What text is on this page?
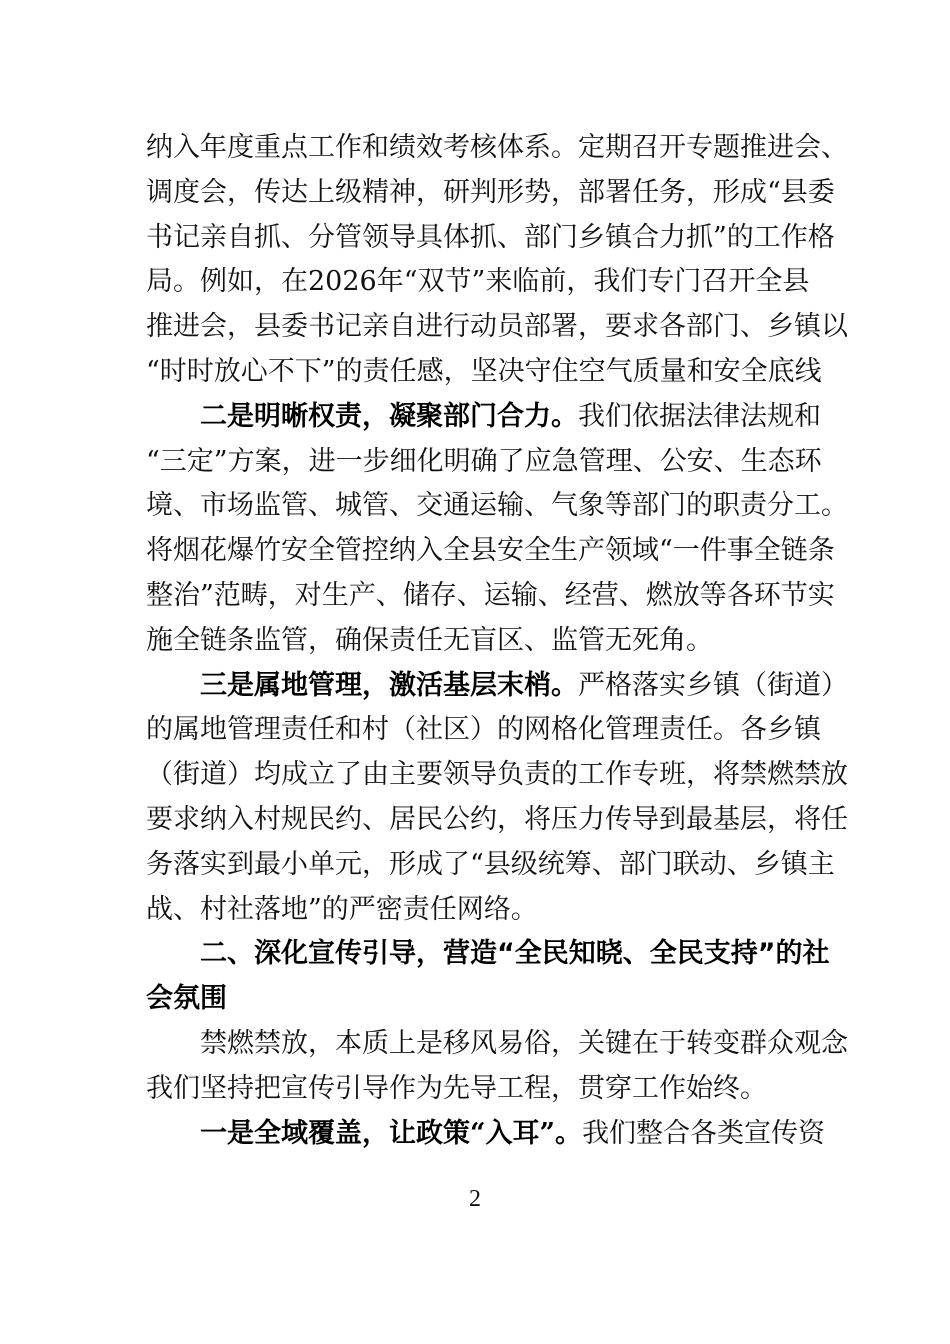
纳入年度重点工作和绩效考核体系。定期召开专题推进会、
调度会，传达上级精神，研判形势，部署任务，形成“县委
书记亲自抓、分管领导具体抓、部门乡镇合力抓”的工作格
局。例如，在2026年“双节”来临前，我们专门召开全县
推进会，县委书记亲自进行动员部署，要求各部门、乡镇以
“时时放心不下”的责任感，坚决守住空气质量和安全底线
二是明晰权责，凝聚部门合力。我们依据法律法规和
“三定”方案，进一步细化明确了应急管理、公安、生态环
境、市场监管、城管、交通运输、气象等部门的职责分工。
将烟花爆竹安全管控纳入全县安全生产领域“一件事全链条
整治”范畴，对生产、储存、运输、经营、燃放等各环节实
施全链条监管，确保责任无盲区、监管无死角。
三是属地管理，激活基层末梢。严格落实乡镇（街道）
的属地管理责任和村（社区）的网格化管理责任。各乡镇
（街道）均成立了由主要领导负责的工作专班，将禁燃禁放
要求纳入村规民约、居民公约，将压力传导到最基层，将任
务落实到最小单元，形成了“县级统筹、部门联动、乡镇主
战、村社落地”的严密责任网络。
二、深化宣传引导，营造“全民知晓、全民支持”的社
会氛围
禁燃禁放，本质上是移风易俗，关键在于转变群众观念
我们坚持把宣传引导作为先导工程，贯穿工作始终。
一是全域覆盖，让政策“入耳”。我们整合各类宣传资
2
